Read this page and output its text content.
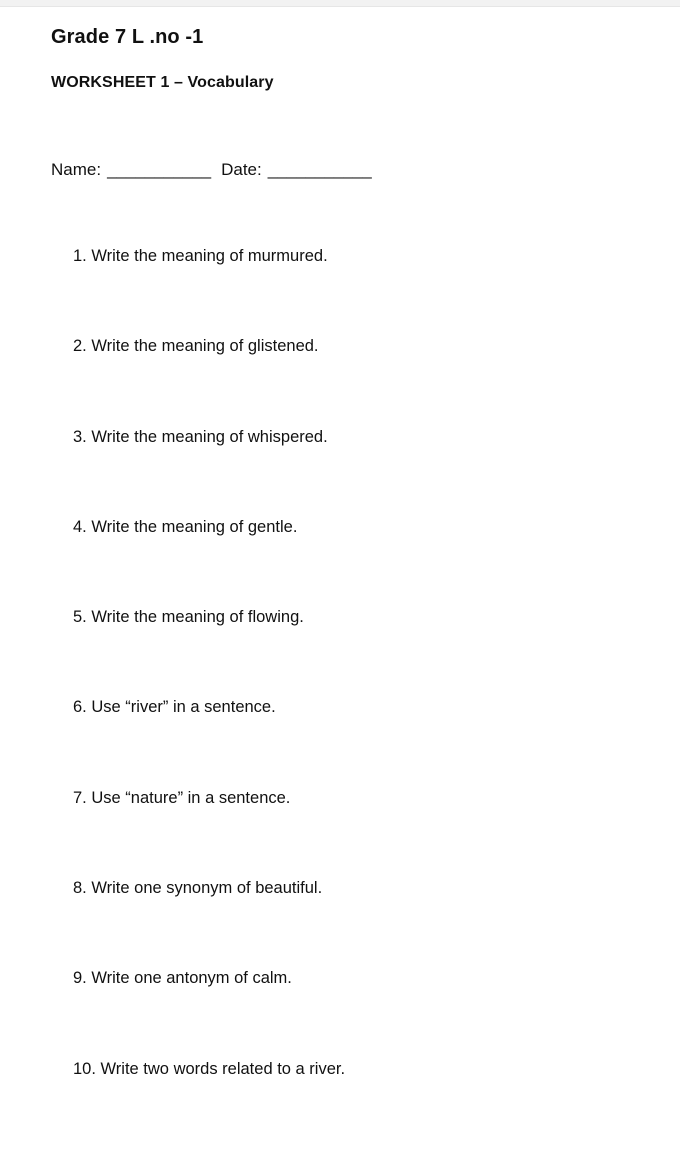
Grade 7 L .no -1
WORKSHEET 1 – Vocabulary
Name: ___________ Date: ___________
1. Write the meaning of murmured.
2. Write the meaning of glistened.
3. Write the meaning of whispered.
4. Write the meaning of gentle.
5. Write the meaning of flowing.
6. Use “river” in a sentence.
7. Use “nature” in a sentence.
8. Write one synonym of beautiful.
9. Write one antonym of calm.
10. Write two words related to a river.
